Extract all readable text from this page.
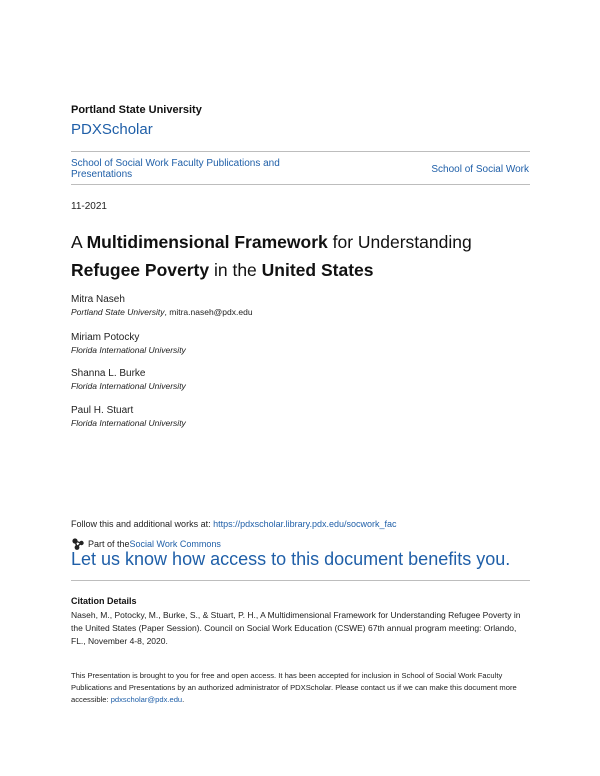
Portland State University
PDXScholar
School of Social Work Faculty Publications and Presentations	School of Social Work
11-2021
A Multidimensional Framework for Understanding Refugee Poverty in the United States
Mitra Naseh
Portland State University, mitra.naseh@pdx.edu
Miriam Potocky
Florida International University
Shanna L. Burke
Florida International University
Paul H. Stuart
Florida International University
Follow this and additional works at: https://pdxscholar.library.pdx.edu/socwork_fac
Part of the Social Work Commons
Let us know how access to this document benefits you.
Citation Details
Naseh, M., Potocky, M., Burke, S., & Stuart, P. H., A Multidimensional Framework for Understanding Refugee Poverty in the United States (Paper Session). Council on Social Work Education (CSWE) 67th annual program meeting: Orlando, FL., November 4-8, 2020.
This Presentation is brought to you for free and open access. It has been accepted for inclusion in School of Social Work Faculty Publications and Presentations by an authorized administrator of PDXScholar. Please contact us if we can make this document more accessible: pdxscholar@pdx.edu.
